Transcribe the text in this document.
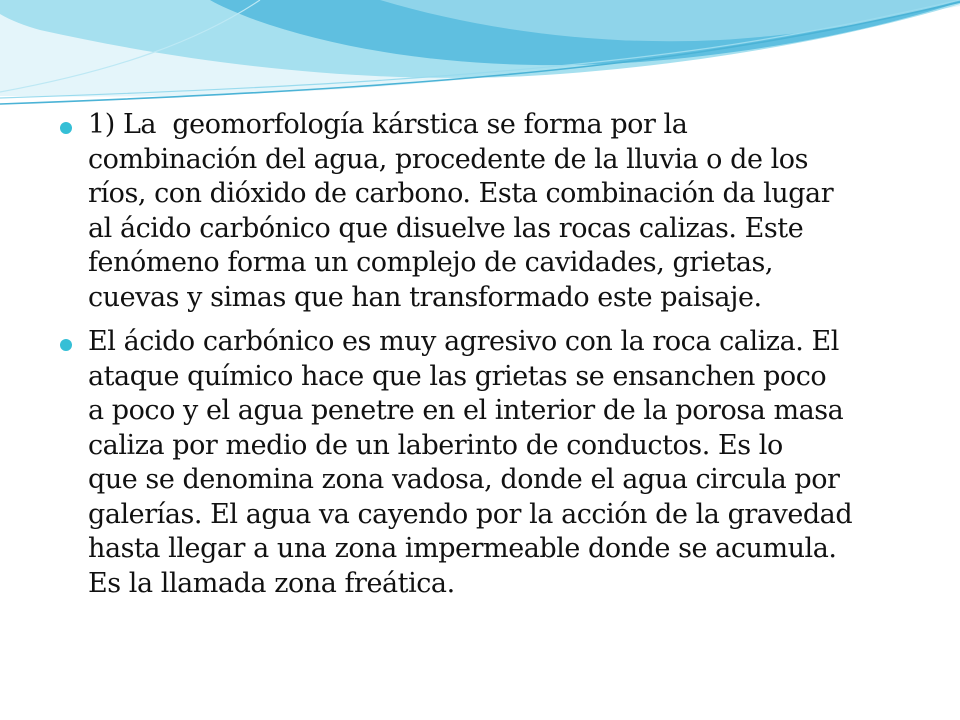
1) La  geomorfología kárstica se forma por la
combinación del agua, procedente de la lluvia o de los
ríos, con dióxido de carbono. Esta combinación da lugar
al ácido carbónico que disuelve las rocas calizas. Este
fenómeno forma un complejo de cavidades, grietas,
cuevas y simas que han transformado este paisaje.

El ácido carbónico es muy agresivo con la roca caliza. El
ataque químico hace que las grietas se ensanchen poco
a poco y el agua penetre en el interior de la porosa masa
caliza por medio de un laberinto de conductos. Es lo
que se denomina zona vadosa, donde el agua circula por
galerías. El agua va cayendo por la acción de la gravedad
hasta llegar a una zona impermeable donde se acumula.
Es la llamada zona freática.
